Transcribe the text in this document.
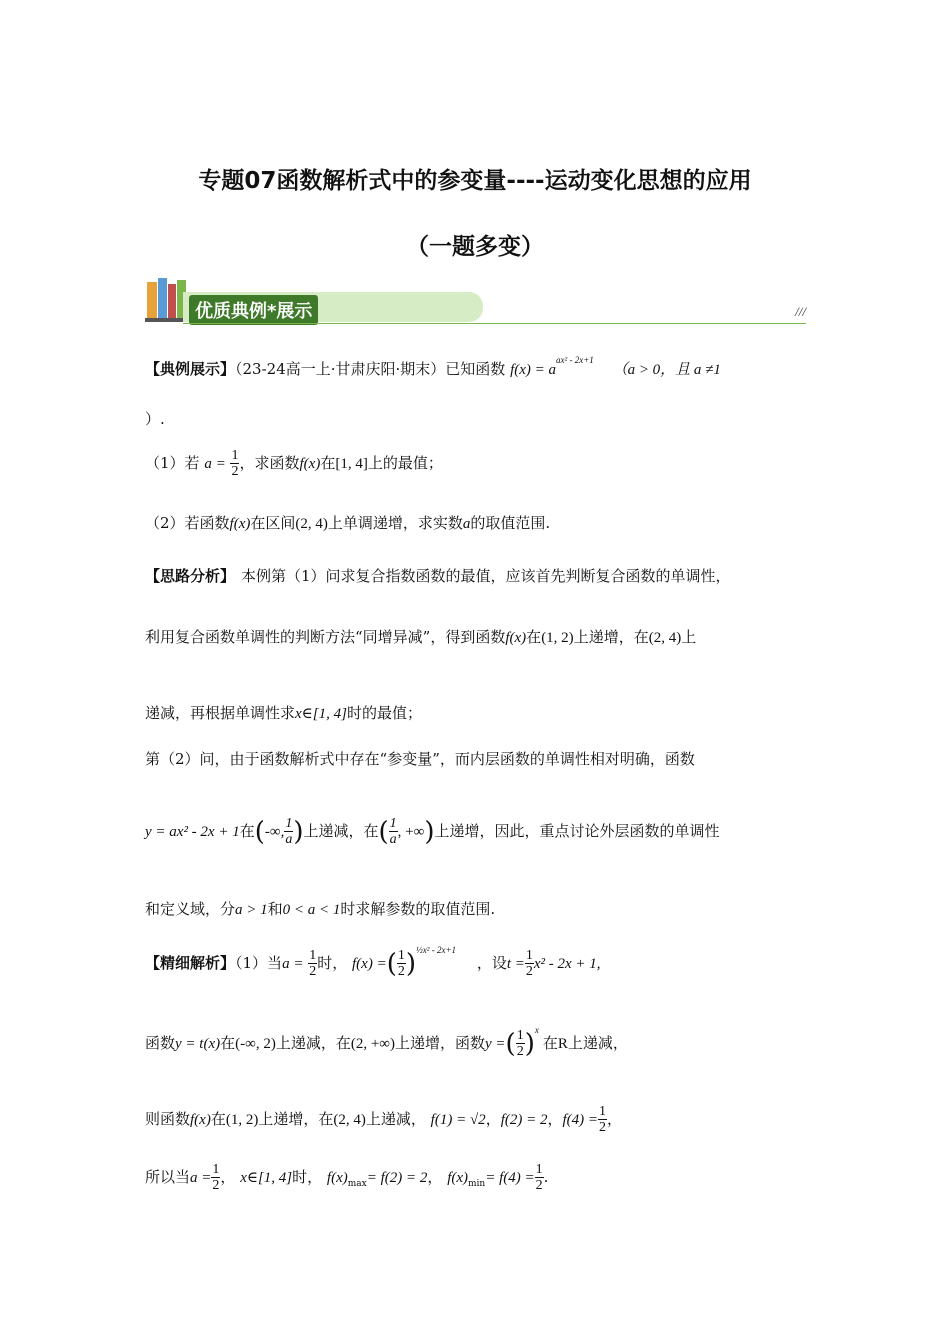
专题07函数解析式中的参变量----运动变化思想的应用
（一题多变）
优质典例*展示	///
【典例展示】（23-24高一上·甘肃庆阳·期末）已知函数 $f(x) = a^{ax^2 - 2x+1}$ （a > 0，且 a ≠1
）.
（1）若 $a = \frac{1}{2}$ ，求函数f(x)在[1, 4]上的最值；
（2）若函数f(x)在区间(2, 4)上单调递增，求实数a的取值范围.
【思路分析】 本例第（1）问求复合指数函数的最值，应该首先判断复合函数的单调性，
利用复合函数单调性的判断方法“同增异减”，得到函数f(x)在(1, 2)上递增，在(2, 4)上
递减，再根据单调性求x∈[1, 4]时的最值；
第（2）问，由于函数解析式中存在“参变量”，而内层函数的单调性相对明确，函数
y = ax² - 2x + 1在(-∞, $\frac{1}{a}$ )上递减，在( $\frac{1}{a}$ , +∞)上递增，因此，重点讨论外层函数的单调性
和定义域，分a > 1和0 < a < 1时求解参数的取值范围.
【精细解析】（1）当$a = \frac{1}{2}$ 时， f(x) =( $\frac{1}{2} )^{\frac{1}{2}x^2 - 2x+1}$ ，设$t = \frac{1}{2} x^2 - 2x + 1$,
函数y = t(x)在(-∞, 2)上递减，在(2, +∞)上递增，函数y =( $\frac{1}{2} )^x$在R上递减，
则函数f(x)在(1, 2)上递增，在(2, 4)上递减， f(1) = √2，f(2) = 2，$f(4) = \frac{1}{2}$ ，
所以当$a = \frac{1}{2}$ ， x∈[1, 4]时， $f(x)_{max}= f(2) = 2$， $f(x)_{min}= f(4) = \frac{1}{2}$ .
